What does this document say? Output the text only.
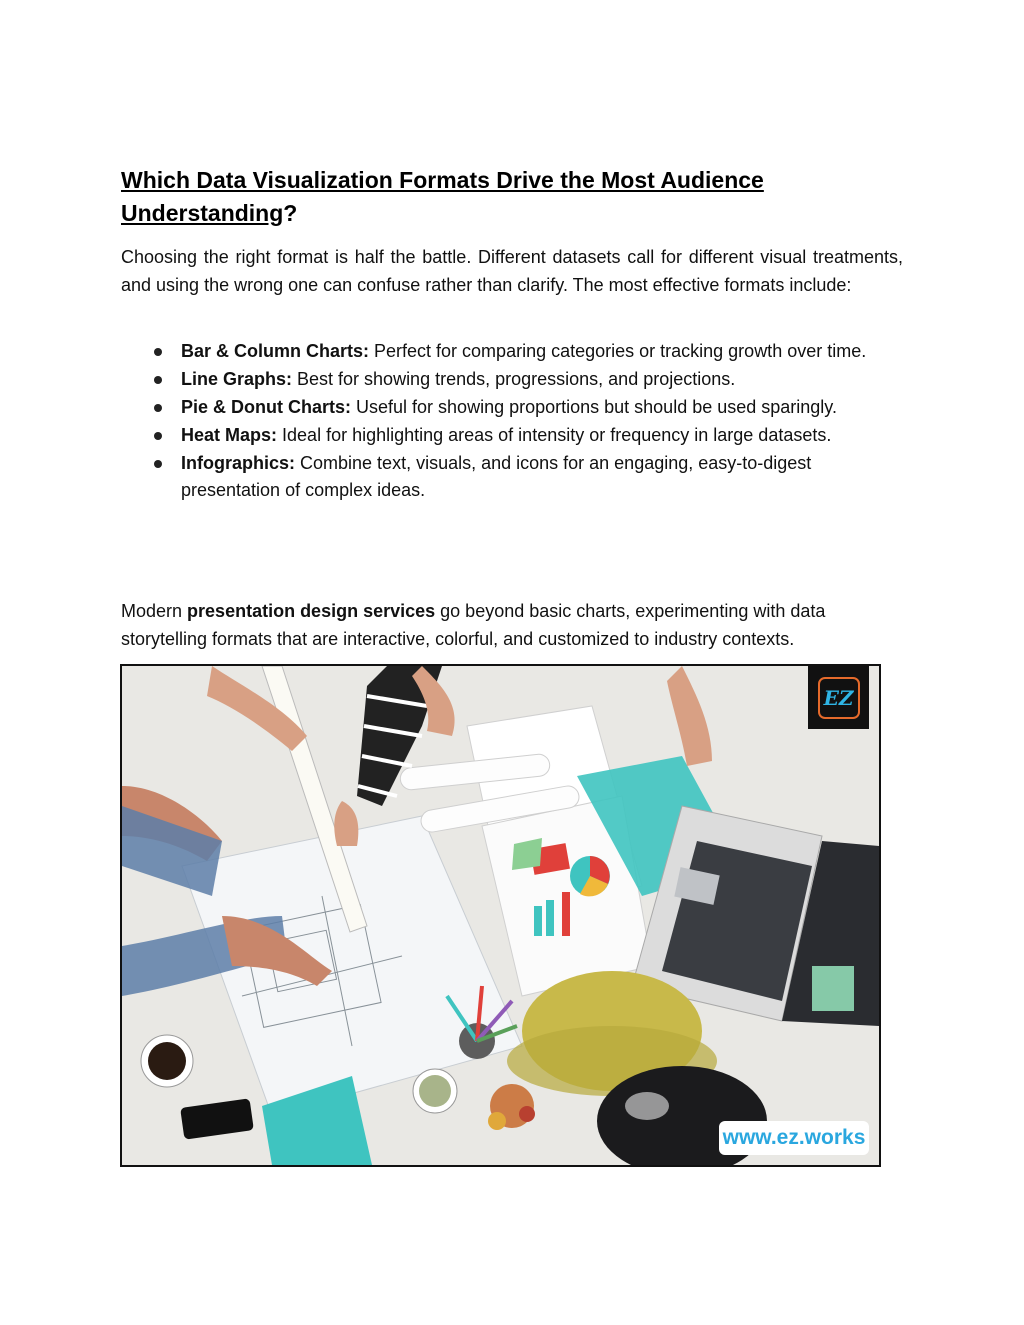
Which Data Visualization Formats Drive the Most Audience Understanding?

Choosing the right format is half the battle. Different datasets call for different visual treatments, and using the wrong one can confuse rather than clarify. The most effective formats include:

Bar & Column Charts: Perfect for comparing categories or tracking growth over time.
Line Graphs: Best for showing trends, progressions, and projections.
Pie & Donut Charts: Useful for showing proportions but should be used sparingly.
Heat Maps: Ideal for highlighting areas of intensity or frequency in large datasets.
Infographics: Combine text, visuals, and icons for an engaging, easy-to-digest presentation of complex ideas.

Modern presentation design services go beyond basic charts, experimenting with data storytelling formats that are interactive, colorful, and customized to industry contexts.

EZ
www.ez.works
